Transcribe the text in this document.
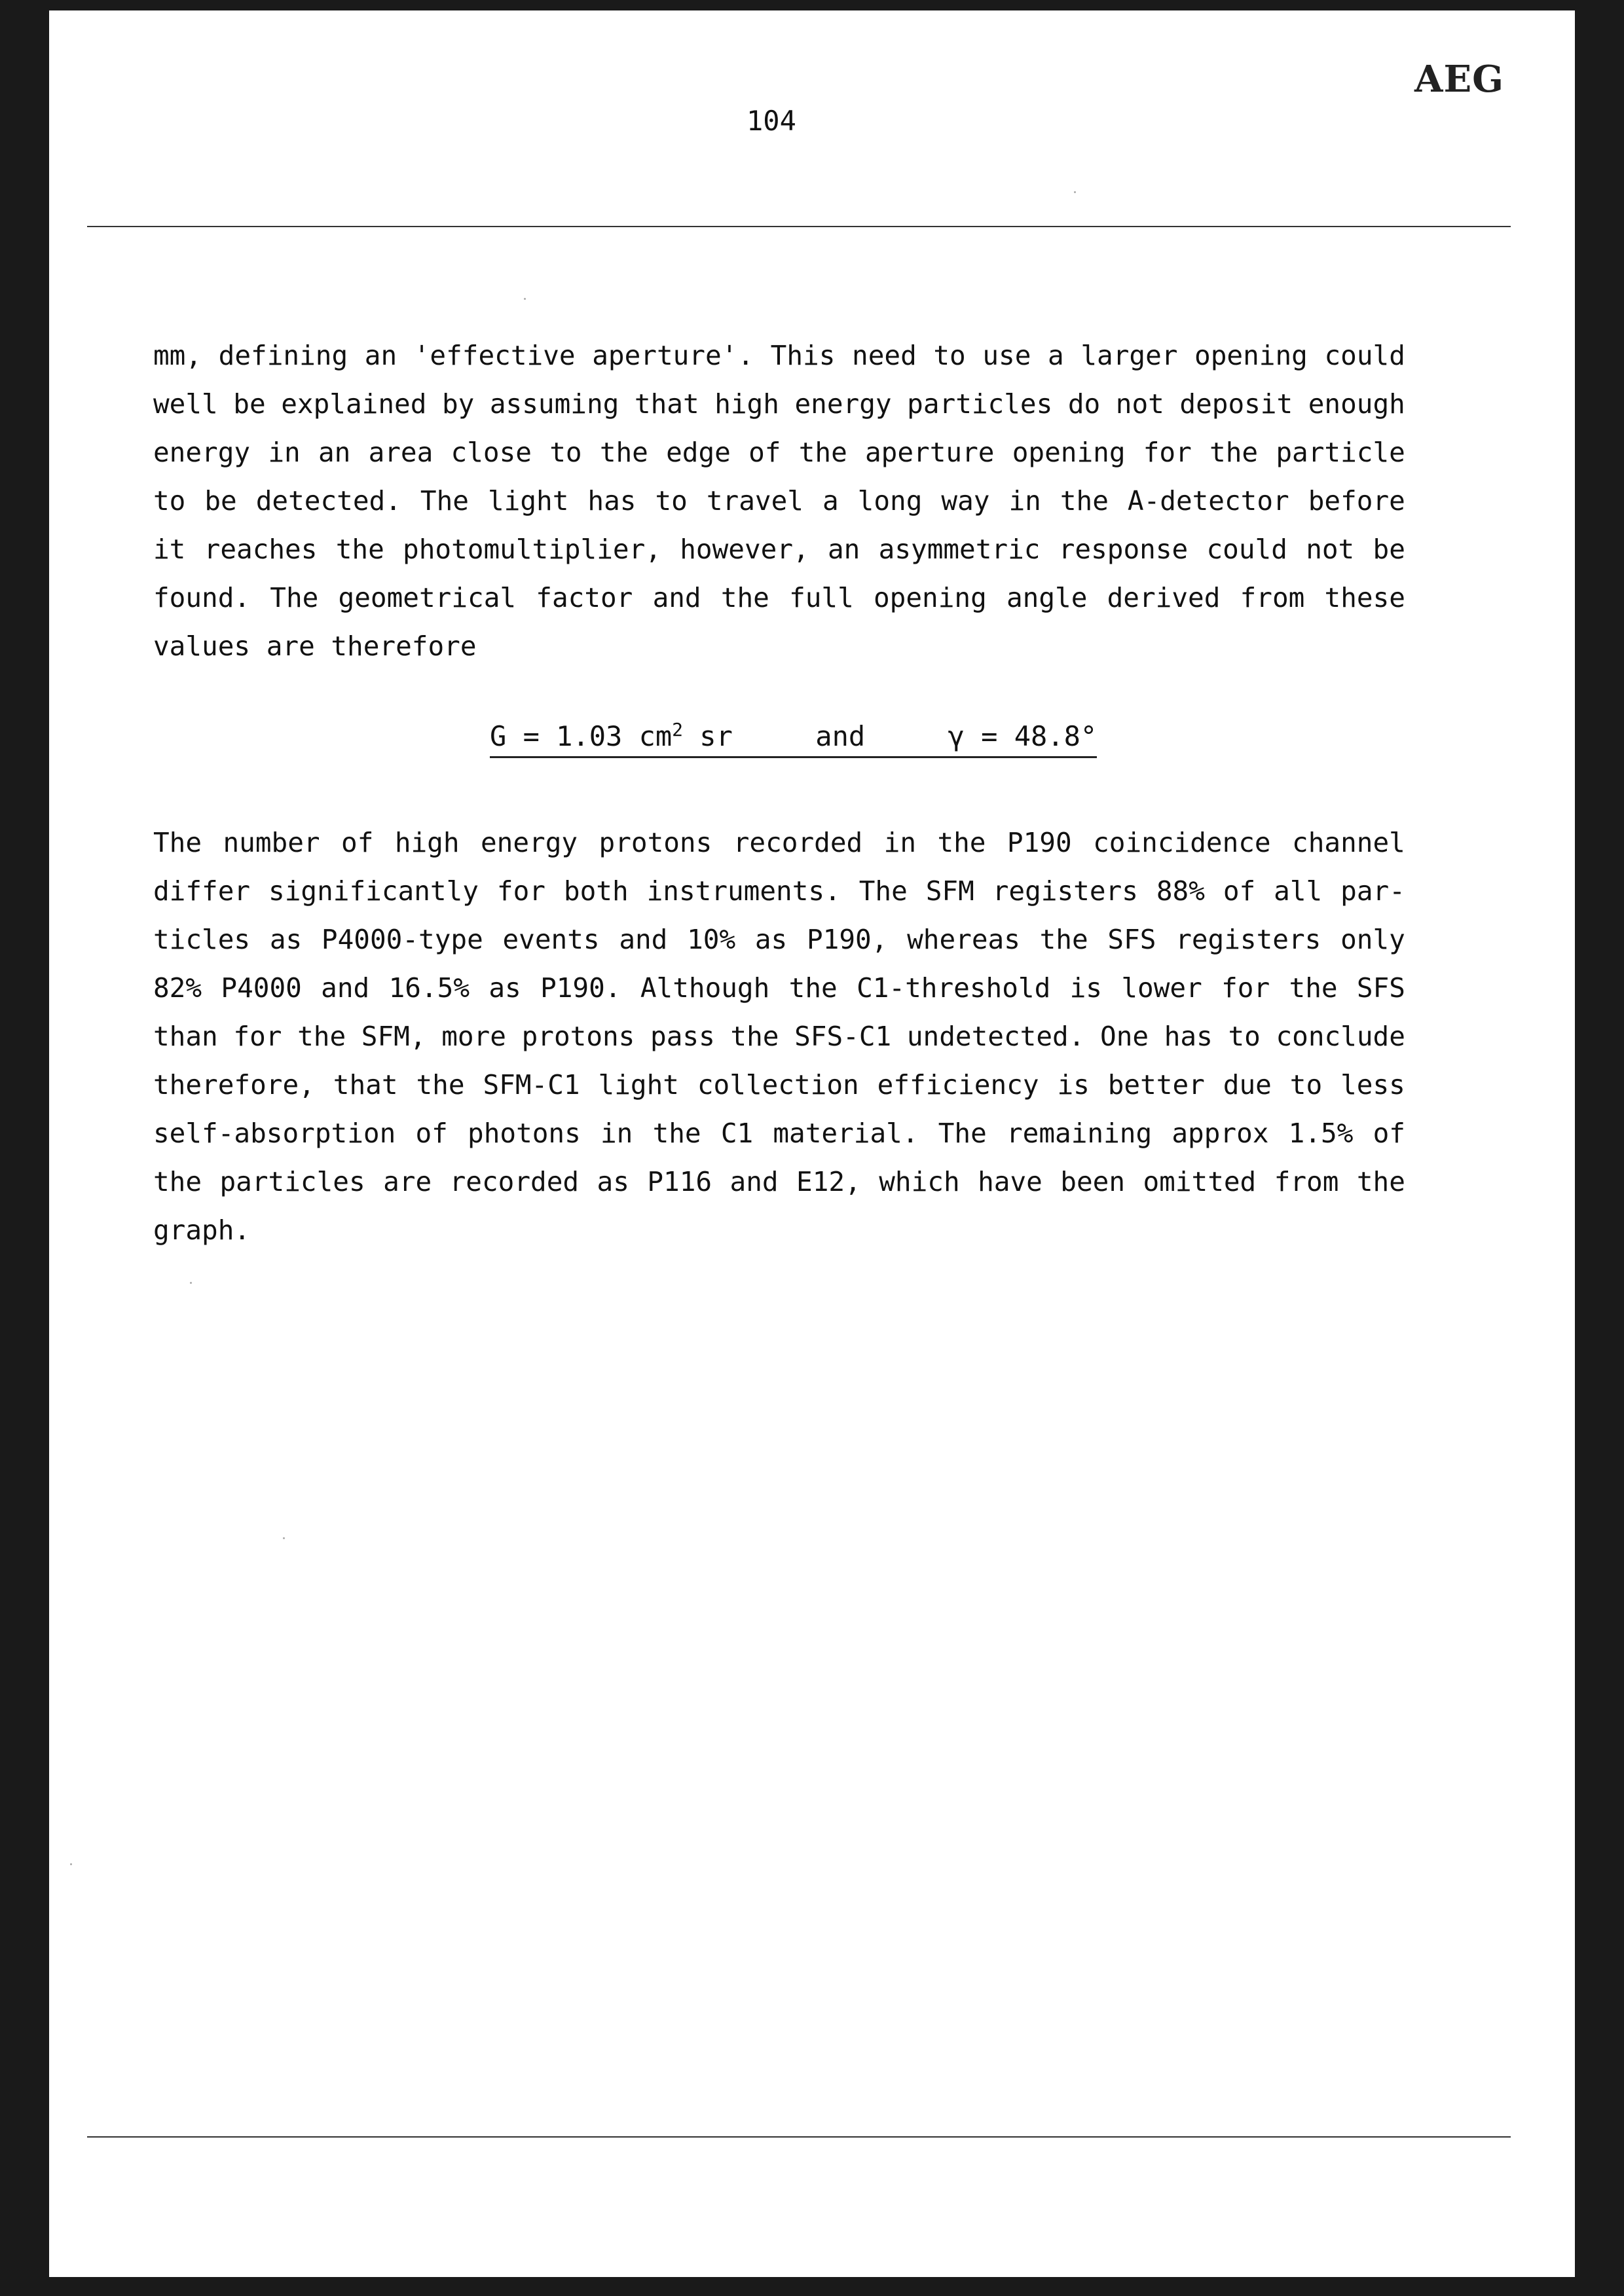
AEG
104
mm, defining an 'effective aperture'. This need to use a larger opening could
well be explained by assuming that high energy particles do not deposit enough
energy in an area close to the edge of the aperture opening for the particle
to be detected. The light has to travel a long way in the A-detector before
it reaches the photomultiplier, however, an asymmetric response could not be
found. The geometrical factor and the full opening angle derived from these
values are therefore
G = 1.03 $cm^2$ sr     and     γ = 48.8°
The number of high energy protons recorded in the P190 coincidence channel
differ significantly for both instruments. The SFM registers 88% of all par-
ticles as P4000-type events and 10% as P190, whereas the SFS registers only
82% P4000 and 16.5% as P190. Although the C1-threshold is lower for the SFS
than for the SFM, more protons pass the SFS-C1 undetected. One has to conclude
therefore, that the SFM-C1 light collection efficiency is better due to less
self-absorption of photons in the C1 material. The remaining approx 1.5% of
the particles are recorded as P116 and E12, which have been omitted from the
graph.
